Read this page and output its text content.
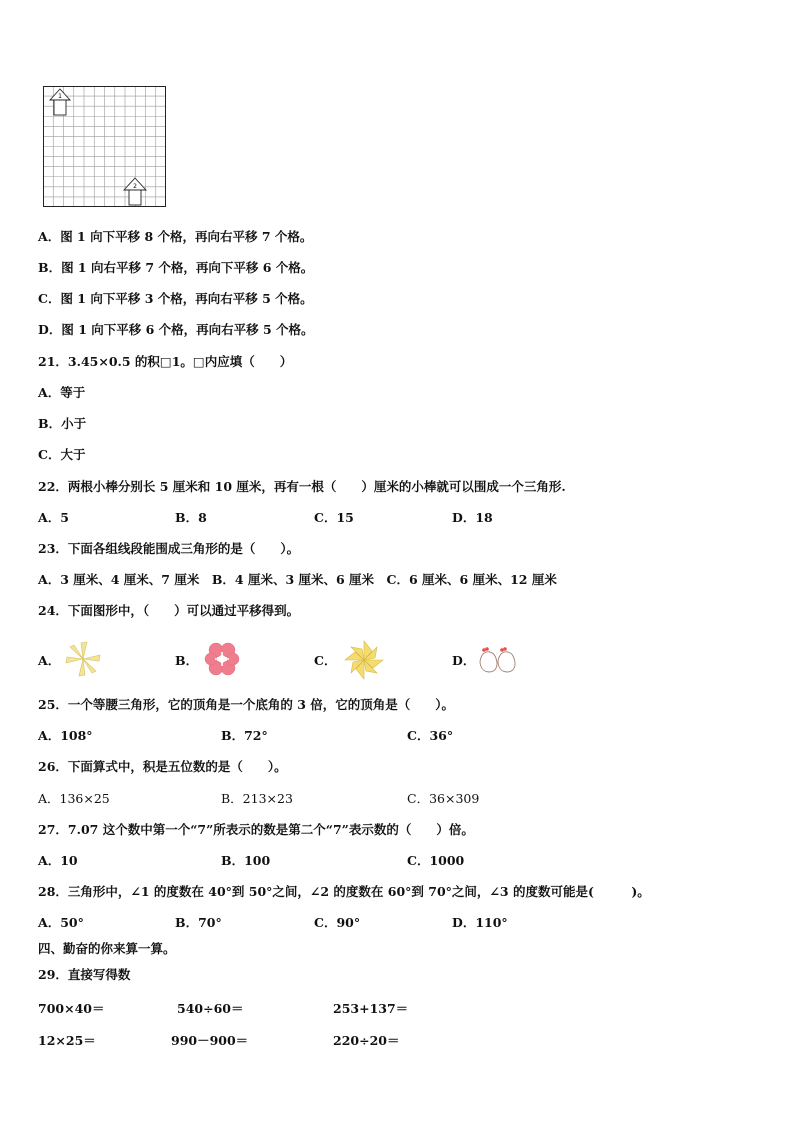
1
2
A．图 1 向下平移 8 个格，再向右平移 7 个格。
B．图 1 向右平移 7 个格，再向下平移 6 个格。
C．图 1 向下平移 3 个格，再向右平移 5 个格。
D．图 1 向下平移 6 个格，再向右平移 5 个格。
21．3.45×0.5 的积□1。□内应填（　　）
A．等于
B．小于
C．大于
22．两根小棒分别长 5 厘米和 10 厘米，再有一根（　　）厘米的小棒就可以围成一个三角形.
A．5	B．8	C．15	D．18
23．下面各组线段能围成三角形的是（　　）。
A．3 厘米、4 厘米、7 厘米　B．4 厘米、3 厘米、6 厘米　C．6 厘米、6 厘米、12 厘米
24．下面图形中，（　　）可以通过平移得到。
A．	B．	C．	D．
25．一个等腰三角形，它的顶角是一个底角的 3 倍，它的顶角是（　　）。
A．108°	B．72°	C．36°
26．下面算式中，积是五位数的是（　　）。
A．136×25	B．213×23	C．36×309
27．7.07 这个数中第一个“7”所表示的数是第二个“7”表示数的（　　）倍。
A．10	B．100	C．1000
28．三角形中，∠1 的度数在 40°到 50°之间，∠2 的度数在 60°到 70°之间，∠3 的度数可能是(　　　)。
A．50°	B．70°	C．90°	D．110°
四、勤奋的你来算一算。
29．直接写得数
700×40＝	540÷60＝	253+137＝
12×25＝	990－900＝	220÷20＝
